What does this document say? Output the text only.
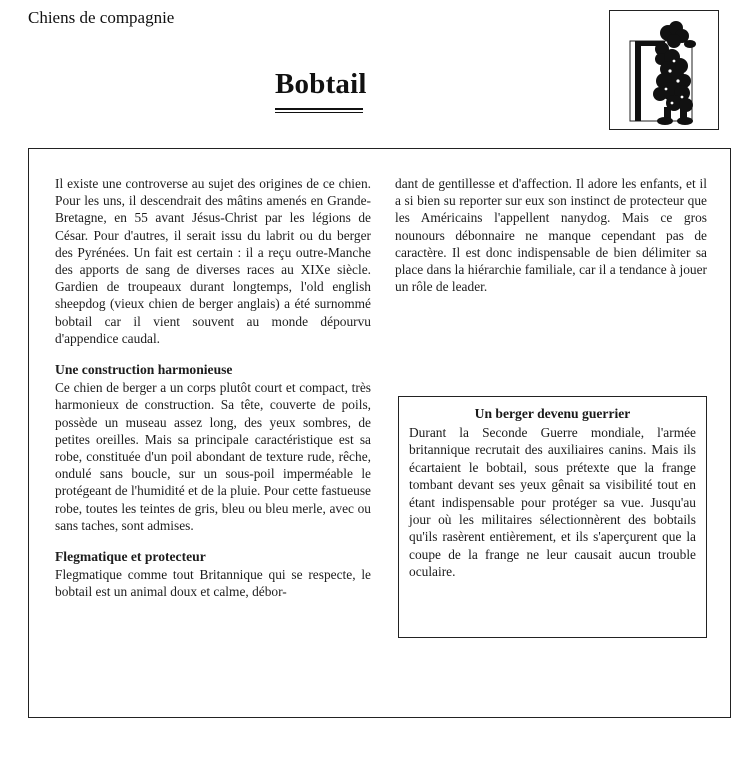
Chiens de compagnie
Bobtail

Il existe une controverse au sujet des origines de ce chien. Pour les uns, il descendrait des mâtins amenés en Grande-Bretagne, en 55 avant Jésus-Christ par les légions de César. Pour d'autres, il serait issu du labrit ou du berger des Pyrénées. Un fait est certain : il a reçu outre-Manche des apports de sang de diverses races au XIXe siècle. Gardien de troupeaux durant longtemps, l'old english sheepdog (vieux chien de berger anglais) a été surnommé bobtail car il vient souvent au monde dépourvu d'appendice caudal.

Une construction harmonieuse

Ce chien de berger a un corps plutôt court et compact, très harmonieux de construction. Sa tête, couverte de poils, possède un museau assez long, des yeux sombres, de petites oreilles. Mais sa principale caractéristique est sa robe, constituée d'un poil abondant de texture rude, rêche, ondulé sans boucle, sur un sous-poil imperméable le protégeant de l'humidité et de la pluie. Pour cette fastueuse robe, toutes les teintes de gris, bleu ou bleu merle, avec ou sans taches, sont admises.

Flegmatique et protecteur

Flegmatique comme tout Britannique qui se respecte, le bobtail est un animal doux et calme, débor-

dant de gentillesse et d'affection. Il adore les enfants, et il a si bien su reporter sur eux son instinct de protecteur que les Américains l'appellent nanydog. Mais ce gros nounours débonnaire ne manque cependant pas de caractère. Il est donc indispensable de bien délimiter sa place dans la hiérarchie familiale, car il a tendance à jouer un rôle de leader.

Un berger devenu guerrier

Durant la Seconde Guerre mondiale, l'armée britannique recrutait des auxiliaires canins. Mais ils écartaient le bobtail, sous prétexte que la frange tombant devant ses yeux gênait sa visibilité tout en étant indispensable pour protéger sa vue. Jusqu'au jour où les militaires sélectionnèrent des bobtails qu'ils rasèrent entièrement, et ils s'aperçurent que la coupe de la frange ne leur causait aucun trouble oculaire.
